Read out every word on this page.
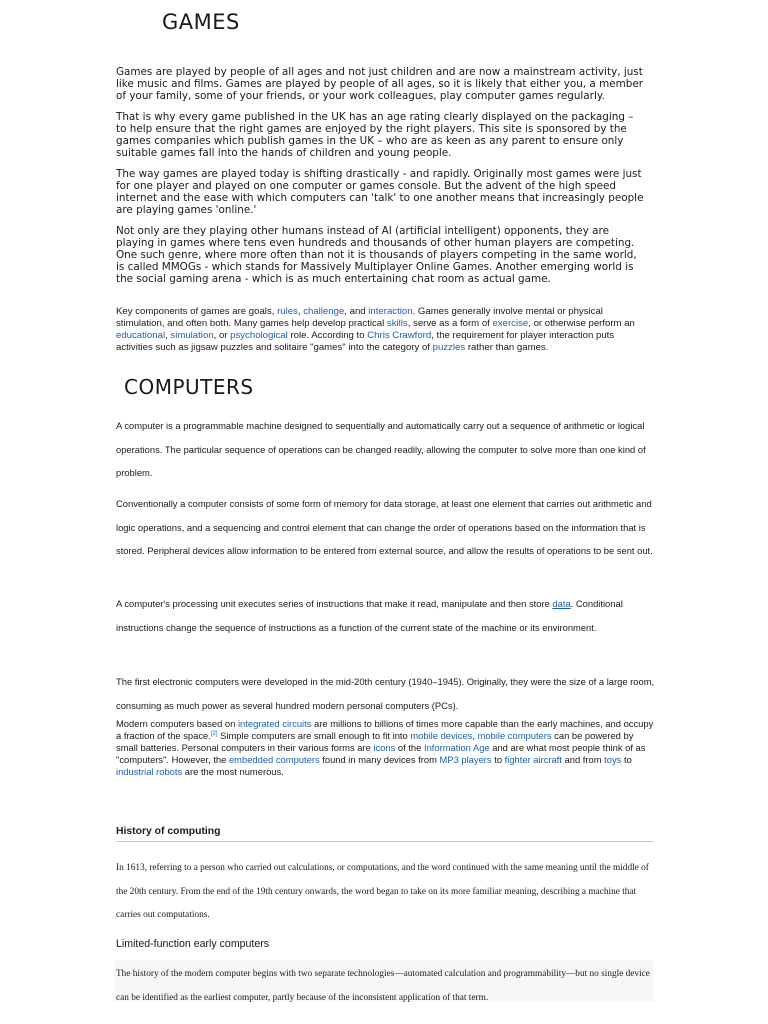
GAMES

Games are played by people of all ages and not just children and are now a mainstream activity, just like music and films. Games are played by people of all ages, so it is likely that either you, a member of your family, some of your friends, or your work colleagues, play computer games regularly.

That is why every game published in the UK has an age rating clearly displayed on the packaging – to help ensure that the right games are enjoyed by the right players. This site is sponsored by the games companies which publish games in the UK – who are as keen as any parent to ensure only suitable games fall into the hands of children and young people.

The way games are played today is shifting drastically - and rapidly. Originally most games were just for one player and played on one computer or games console. But the advent of the high speed internet and the ease with which computers can 'talk' to one another means that increasingly people are playing games 'online.'

Not only are they playing other humans instead of AI (artificial intelligent) opponents, they are playing in games where tens even hundreds and thousands of other human players are competing. One such genre, where more often than not it is thousands of players competing in the same world, is called MMOGs - which stands for Massively Multiplayer Online Games. Another emerging world is the social gaming arena - which is as much entertaining chat room as actual game.

Key components of games are goals, rules, challenge, and interaction. Games generally involve mental or physical stimulation, and often both. Many games help develop practical skills, serve as a form of exercise, or otherwise perform an educational, simulation, or psychological role. According to Chris Crawford, the requirement for player interaction puts activities such as jigsaw puzzles and solitaire "games" into the category of puzzles rather than games.

COMPUTERS

A computer is a programmable machine designed to sequentially and automatically carry out a sequence of arithmetic or logical operations. The particular sequence of operations can be changed readily, allowing the computer to solve more than one kind of problem.

Conventionally a computer consists of some form of memory for data storage, at least one element that carries out arithmetic and logic operations, and a sequencing and control element that can change the order of operations based on the information that is stored. Peripheral devices allow information to be entered from external source, and allow the results of operations to be sent out.

A computer's processing unit executes series of instructions that make it read, manipulate and then store data. Conditional instructions change the sequence of instructions as a function of the current state of the machine or its environment.

The first electronic computers were developed in the mid-20th century (1940–1945). Originally, they were the size of a large room, consuming as much power as several hundred modern personal computers (PCs).

Modern computers based on integrated circuits are millions to billions of times more capable than the early machines, and occupy a fraction of the space.[2] Simple computers are small enough to fit into mobile devices, mobile computers can be powered by small batteries. Personal computers in their various forms are icons of the Information Age and are what most people think of as "computers". However, the embedded computers found in many devices from MP3 players to fighter aircraft and from toys to industrial robots are the most numerous.

History of computing

In 1613, referring to a person who carried out calculations, or computations, and the word continued with the same meaning until the middle of the 20th century. From the end of the 19th century onwards, the word began to take on its more familiar meaning, describing a machine that carries out computations.

Limited-function early computers

The history of the modern computer begins with two separate technologies—automated calculation and programmability—but no single device can be identified as the earliest computer, partly because of the inconsistent application of that term.
